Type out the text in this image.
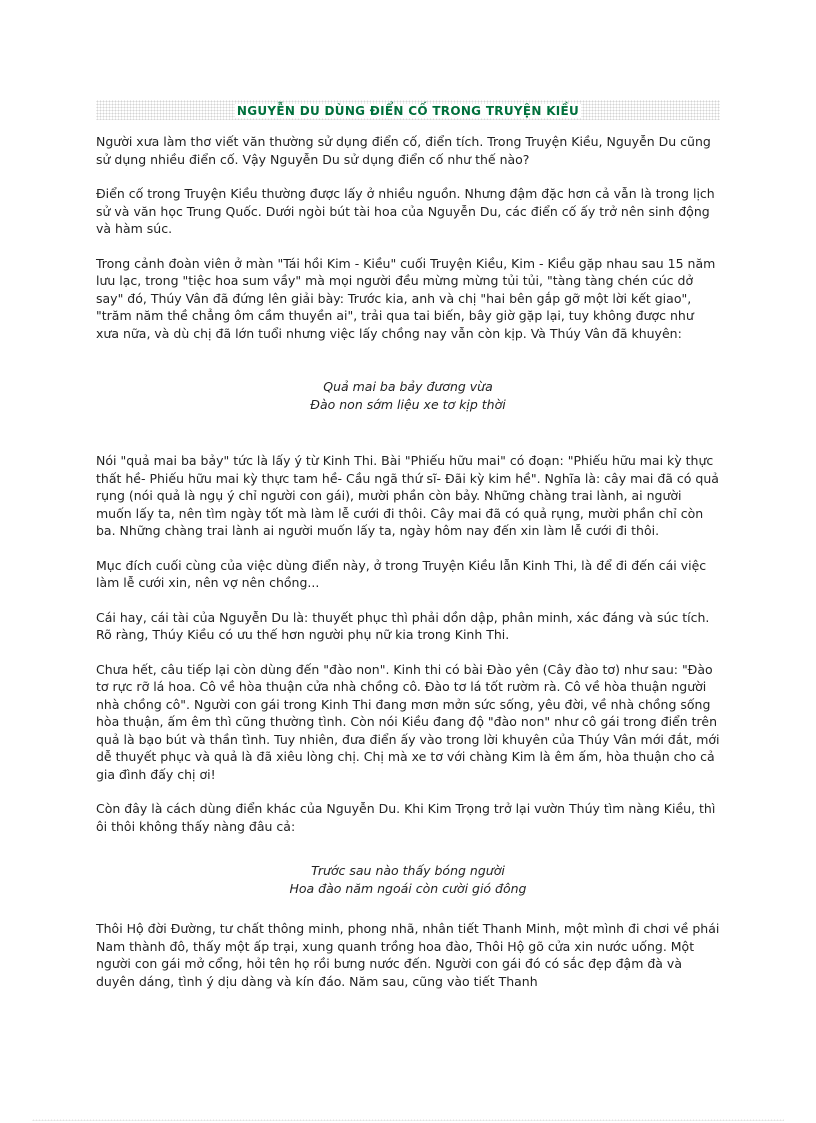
NGUYỄN DU DÙNG ĐIỂN CỐ TRONG TRUYỆN KIỀU

Người xưa làm thơ viết văn thường sử dụng điển cố, điển tích. Trong Truyện Kiều, Nguyễn Du cũng sử dụng nhiều điển cố. Vậy Nguyễn Du sử dụng điển cố như thế nào?

Điển cố trong Truyện Kiều thường được lấy ở nhiều nguồn. Nhưng đậm đặc hơn cả vẫn là trong lịch sử và văn học Trung Quốc. Dưới ngòi bút tài hoa của Nguyễn Du, các điển cố ấy trở nên sinh động và hàm súc.

Trong cảnh đoàn viên ở màn "Tái hồi Kim - Kiều" cuối Truyện Kiều, Kim - Kiều gặp nhau sau 15 năm lưu lạc, trong "tiệc hoa sum vầy" mà mọi người đều mừng mừng tủi tủi, "tàng tàng chén cúc dở say" đó, Thúy Vân đã đứng lên giải bày: Trước kia, anh và chị "hai bên gắp gỡ một lời kết giao", "trăm năm thề chẳng ôm cầm thuyền ai", trải qua tai biến, bây giờ gặp lại, tuy không được như xưa nữa, và dù chị đã lớn tuổi nhưng việc lấy chồng nay vẫn còn kịp. Và Thúy Vân đã khuyên:

Quả mai ba bảy đương vừa
Đào non sớm liệu xe tơ kịp thời

Nói "quả mai ba bảy" tức là lấy ý từ Kinh Thi. Bài "Phiếu hữu mai" có đoạn: "Phiếu hữu mai kỳ thực thất hề- Phiếu hữu mai kỳ thực tam hề- Cầu ngã thứ sĩ- Đãi kỳ kim hề". Nghĩa là: cây mai đã có quả rụng (nói quả là ngụ ý chỉ người con gái), mười phần còn bảy. Những chàng trai lành, ai người muốn lấy ta, nên tìm ngày tốt mà làm lễ cưới đi thôi. Cây mai đã có quả rụng, mười phần chỉ còn ba. Những chàng trai lành ai người muốn lấy ta, ngày hôm nay đến xin làm lễ cưới đi thôi.

Mục đích cuối cùng của việc dùng điển này, ở trong Truyện Kiều lẫn Kinh Thi, là để đi đến cái việc làm lễ cưới xin, nên vợ nên chồng...

Cái hay, cái tài của Nguyễn Du là: thuyết phục thì phải dồn dập, phân minh, xác đáng và súc tích. Rõ ràng, Thúy Kiều có ưu thế hơn người phụ nữ kia trong Kinh Thi.

Chưa hết, câu tiếp lại còn dùng đến "đào non". Kinh thi có bài Đào yên (Cây đào tơ) như sau: "Đào tơ rực rỡ lá hoa. Cô về hòa thuận cửa nhà chồng cô. Đào tơ lá tốt rườm rà. Cô về hòa thuận người nhà chồng cô". Người con gái trong Kinh Thi đang mơn mởn sức sống, yêu đời, về nhà chồng sống hòa thuận, ấm êm thì cũng thường tình. Còn nói Kiều đang độ "đào non" như cô gái trong điển trên quả là bạo bút và thần tình. Tuy nhiên, đưa điển ấy vào trong lời khuyên của Thúy Vân mới đắt, mới dễ thuyết phục và quả là đã xiêu lòng chị. Chị mà xe tơ với chàng Kim là êm ấm, hòa thuận cho cả gia đình đấy chị ơi!

Còn đây là cách dùng điển khác của Nguyễn Du. Khi Kim Trọng trở lại vườn Thúy tìm nàng Kiều, thì ôi thôi không thấy nàng đâu cả:

Trước sau nào thấy bóng người
Hoa đào năm ngoái còn cười gió đông

Thôi Hộ đời Đường, tư chất thông minh, phong nhã, nhân tiết Thanh Minh, một mình đi chơi về phái Nam thành đô, thấy một ấp trại, xung quanh trồng hoa đào, Thôi Hộ gõ cửa xin nước uống. Một người con gái mở cổng, hỏi tên họ rồi bưng nước đến. Người con gái đó có sắc đẹp đậm đà và duyên dáng, tình ý dịu dàng và kín đáo. Năm sau, cũng vào tiết Thanh
